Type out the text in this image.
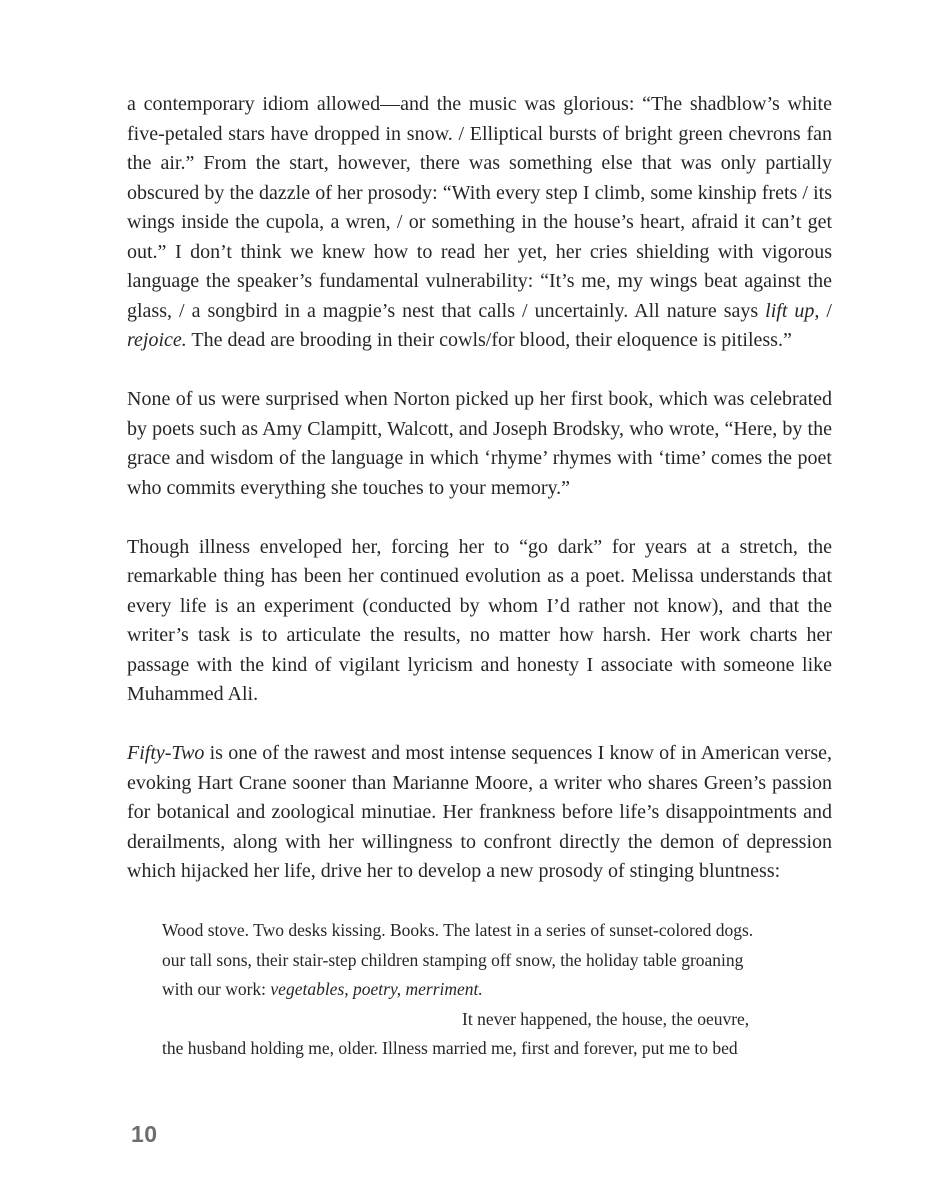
a contemporary idiom allowed—and the music was glorious: “The shadblow’s white five-petaled stars have dropped in snow. / Elliptical bursts of bright green chevrons fan the air.” From the start, however, there was something else that was only partially obscured by the dazzle of her prosody: “With every step I climb, some kinship frets / its wings inside the cupola, a wren, / or something in the house’s heart, afraid it can’t get out.” I don’t think we knew how to read her yet, her cries shielding with vigorous language the speaker’s fundamental vulnerability: “It’s me, my wings beat against the glass, / a songbird in a magpie’s nest that calls / uncertainly. All nature says lift up, / rejoice. The dead are brooding in their cowls/for blood, their eloquence is pitiless.”

None of us were surprised when Norton picked up her first book, which was celebrated by poets such as Amy Clampitt, Walcott, and Joseph Brodsky, who wrote, “Here, by the grace and wisdom of the language in which ‘rhyme’ rhymes with ‘time’ comes the poet who commits everything she touches to your memory.”

Though illness enveloped her, forcing her to “go dark” for years at a stretch, the remarkable thing has been her continued evolution as a poet. Melissa understands that every life is an experiment (conducted by whom I’d rather not know), and that the writer’s task is to articulate the results, no matter how harsh. Her work charts her passage with the kind of vigilant lyricism and honesty I associate with someone like Muhammed Ali.

Fifty-Two is one of the rawest and most intense sequences I know of in American verse, evoking Hart Crane sooner than Marianne Moore, a writer who shares Green’s passion for botanical and zoological minutiae. Her frankness before life’s disappointments and derailments, along with her willingness to confront directly the demon of depression which hijacked her life, drive her to develop a new prosody of stinging bluntness:

Wood stove. Two desks kissing. Books. The latest in a series of sunset-colored dogs.
our tall sons, their stair-step children stamping off snow, the holiday table groaning
with our work: vegetables, poetry, merriment.
It never happened, the house, the oeuvre,
the husband holding me, older. Illness married me, first and forever, put me to bed
10
